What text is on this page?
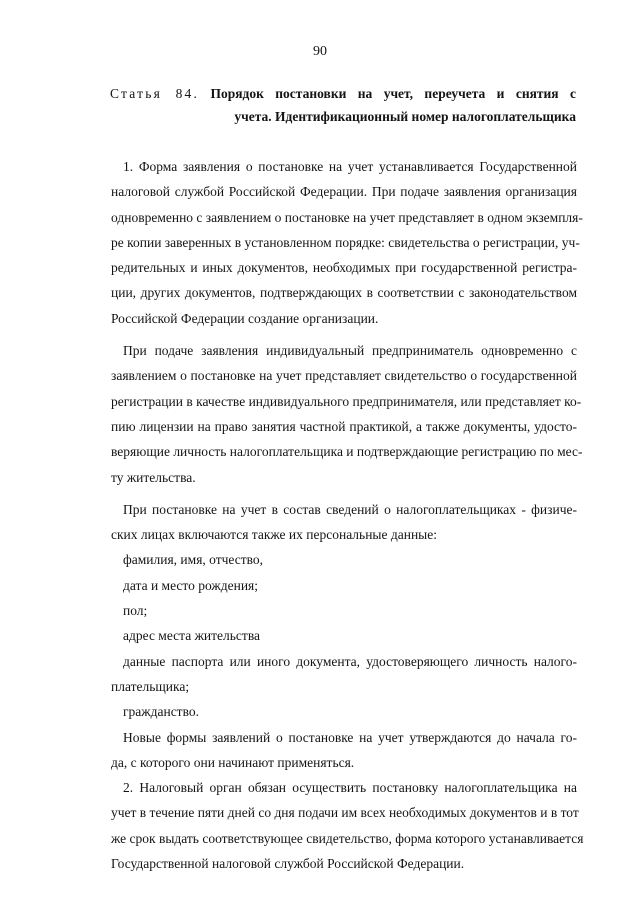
90
Статья 84. Порядок постановки на учет, переучета и снятия с
учета. Идентификационный номер налогоплательщика
1. Форма заявления о постановке на учет устанавливается Государственной
налоговой службой Российской Федерации. При подаче заявления организация
одновременно с заявлением о постановке на учет представляет в одном экземпля-
ре копии заверенных в установленном порядке: свидетельства о регистрации, уч-
редительных и иных документов, необходимых при государственной регистра-
ции, других документов, подтверждающих в соответствии с законодательством
Российской Федерации создание организации.
При подаче заявления индивидуальный предприниматель одновременно с
заявлением о постановке на учет представляет свидетельство о государственной
регистрации в качестве индивидуального предпринимателя, или представляет ко-
пию лицензии на право занятия частной практикой, а также документы, удосто-
веряющие личность налогоплательщика и подтверждающие регистрацию по мес-
ту жительства.
При постановке на учет в состав сведений о налогоплательщиках - физиче-
ских лицах включаются также их персональные данные:
фамилия, имя, отчество,
дата и место рождения;
пол;
адрес места жительства
данные паспорта или иного документа, удостоверяющего личность налого-
плательщика;
гражданство.
Новые формы заявлений о постановке на учет утверждаются до начала го-
да, с которого они начинают применяться.
2. Налоговый орган обязан осуществить постановку налогоплательщика на
учет в течение пяти дней со дня подачи им всех необходимых документов и в тот
же срок выдать соответствующее свидетельство, форма которого устанавливается
Государственной налоговой службой Российской Федерации.
